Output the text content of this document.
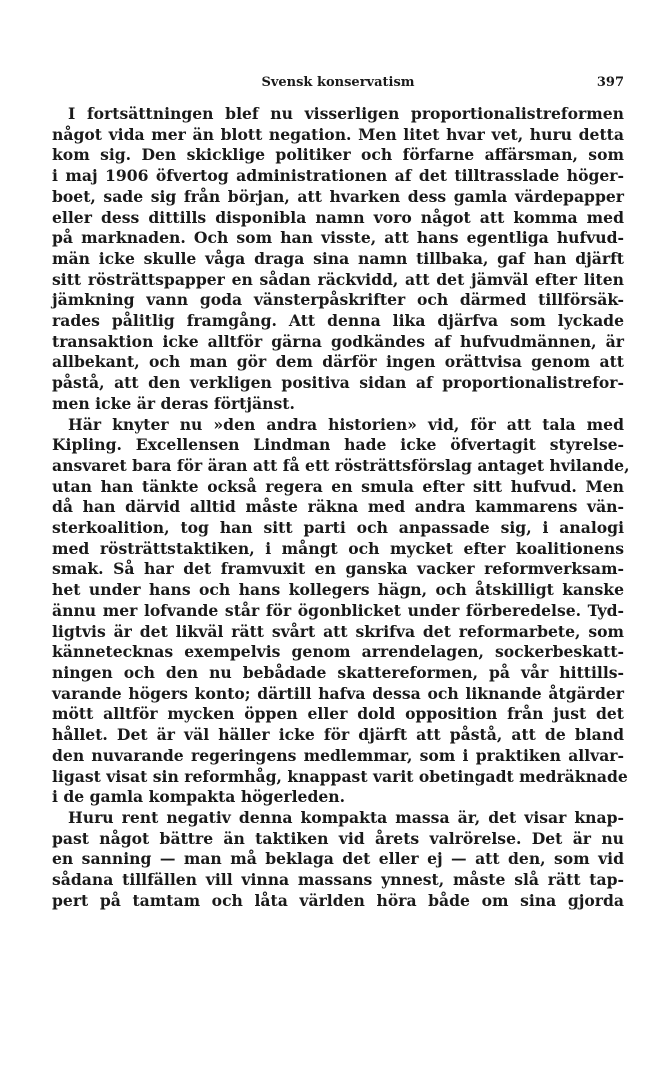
Svensk konservatism	397
I fortsättningen blef nu visserligen proportionalistreformen
något vida mer än blott negation. Men litet hvar vet, huru detta
kom sig. Den skicklige politiker och förfarne affärsman, som
i maj 1906 öfvertog administrationen af det tilltrasslade höger-
boet, sade sig från början, att hvarken dess gamla värdepapper
eller dess dittills disponibla namn voro något att komma med
på marknaden. Och som han visste, att hans egentliga hufvud-
män icke skulle våga draga sina namn tillbaka, gaf han djärft
sitt rösträttspapper en sådan räckvidd, att det jämväl efter liten
jämkning vann goda vänsterpåskrifter och därmed tillförsäk-
rades pålitlig framgång. Att denna lika djärfva som lyckade
transaktion icke alltför gärna godkändes af hufvudmännen, är
allbekant, och man gör dem därför ingen orättvisa genom att
påstå, att den verkligen positiva sidan af proportionalistrefor-
men icke är deras förtjänst.
Här knyter nu »den andra historien» vid, för att tala med
Kipling. Excellensen Lindman hade icke öfvertagit styrelse-
ansvaret bara för äran att få ett rösträttsförslag antaget hvilande,
utan han tänkte också regera en smula efter sitt hufvud. Men
då han därvid alltid måste räkna med andra kammarens vän-
sterkoalition, tog han sitt parti och anpassade sig, i analogi
med rösträttstaktiken, i mångt och mycket efter koalitionens
smak. Så har det framvuxit en ganska vacker reformverksam-
het under hans och hans kollegers hägn, och åtskilligt kanske
ännu mer lofvande står för ögonblicket under förberedelse. Tyd-
ligtvis är det likväl rätt svårt att skrifva det reformarbete, som
kännetecknas exempelvis genom arrendelagen, sockerbeskatt-
ningen och den nu bebådade skattereformen, på vår hittills-
varande högers konto; därtill hafva dessa och liknande åtgärder
mött alltför mycken öppen eller dold opposition från just det
hållet. Det är väl häller icke för djärft att påstå, att de bland
den nuvarande regeringens medlemmar, som i praktiken allvar-
ligast visat sin reformhåg, knappast varit obetingadt medräknade
i de gamla kompakta högerleden.
Huru rent negativ denna kompakta massa är, det visar knap-
past något bättre än taktiken vid årets valrörelse. Det är nu
en sanning — man må beklaga det eller ej — att den, som vid
sådana tillfällen vill vinna massans ynnest, måste slå rätt tap-
pert på tamtam och låta världen höra både om sina gjorda
